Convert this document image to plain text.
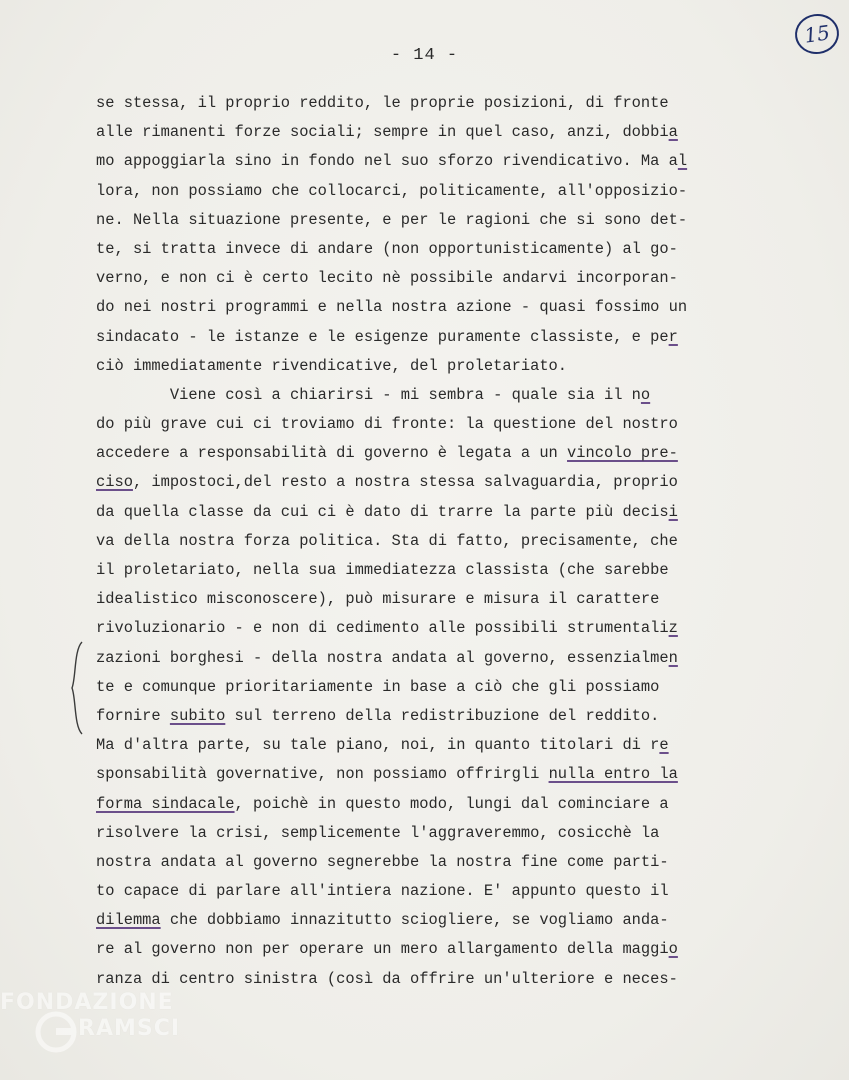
- 14 -
15
se stessa, il proprio reddito, le proprie posizioni, di fronte
alle rimanenti forze sociali; sempre in quel caso, anzi, dobbia
mo appoggiarla sino in fondo nel suo sforzo rivendicativo. Ma al
lora, non possiamo che collocarci, politicamente, all'opposizio-
ne. Nella situazione presente, e per le ragioni che si sono det-
te, si tratta invece di andare (non opportunisticamente) al go-
verno, e non ci è certo lecito nè possibile andarvi incorporan-
do nei nostri programmi e nella nostra azione - quasi fossimo un
sindacato - le istanze e le esigenze puramente classiste, e per
ciò immediatamente rivendicative, del proletariato.
Viene così a chiarirsi - mi sembra - quale sia il no
do più grave cui ci troviamo di fronte: la questione del nostro
accedere a responsabilità di governo è legata a un vincolo pre-
ciso, impostoci,del resto a nostra stessa salvaguardia, proprio
da quella classe da cui ci è dato di trarre la parte più decisi
va della nostra forza politica. Sta di fatto, precisamente, che
il proletariato, nella sua immediatezza classista (che sarebbe
idealistico misconoscere), può misurare e misura il carattere
rivoluzionario - e non di cedimento alle possibili strumentaliz
zazioni borghesi - della nostra andata al governo, essenzialmen
te e comunque prioritariamente in base a ciò che gli possiamo
fornire subito sul terreno della redistribuzione del reddito.
Ma d'altra parte, su tale piano, noi, in quanto titolari di re
sponsabilità governative, non possiamo offrirgli nulla entro la
forma sindacale, poichè in questo modo, lungi dal cominciare a
risolvere la crisi, semplicemente l'aggraveremmo, cosicchè la
nostra andata al governo segnerebbe la nostra fine come parti-
to capace di parlare all'intiera nazione. E' appunto questo il
dilemma che dobbiamo innazitutto sciogliere, se vogliamo anda-
re al governo non per operare un mero allargamento della maggio
ranza di centro sinistra (così da offrire un'ulteriore e neces-
FONDAZIONE
RAMSCI
